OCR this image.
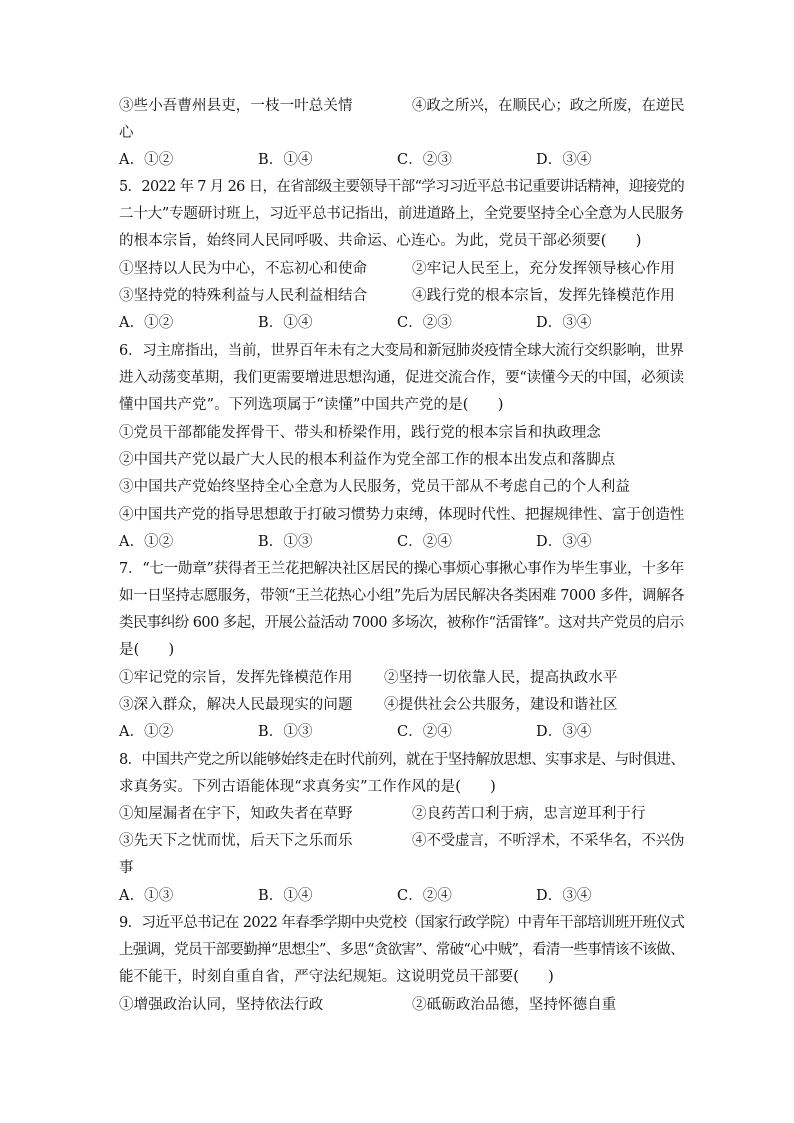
③些小吾曹州县吏，一枝一叶总关情	④政之所兴，在顺民心；政之所废，在逆民
心
A．①②	B．①④	C．②③	D．③④
5．2022 年 7 月 26 日，在省部级主要领导干部“学习习近平总书记重要讲话精神，迎接党的
二十大”专题研讨班上，习近平总书记指出，前进道路上，全党要坚持全心全意为人民服务
的根本宗旨，始终同人民同呼吸、共命运、心连心。为此，党员干部必须要(　　)
①坚持以人民为中心，不忘初心和使命	②牢记人民至上，充分发挥领导核心作用
③坚持党的特殊利益与人民利益相结合	④践行党的根本宗旨，发挥先锋模范作用
A．①②	B．①④	C．②③	D．③④
6．习主席指出，当前，世界百年未有之大变局和新冠肺炎疫情全球大流行交织影响，世界
进入动荡变革期，我们更需要增进思想沟通，促进交流合作，要“读懂今天的中国，必须读
懂中国共产党”。下列选项属于“读懂”中国共产党的是(　　)
①党员干部都能发挥骨干、带头和桥梁作用，践行党的根本宗旨和执政理念
②中国共产党以最广大人民的根本利益作为党全部工作的根本出发点和落脚点
③中国共产党始终坚持全心全意为人民服务，党员干部从不考虑自己的个人利益
④中国共产党的指导思想敢于打破习惯势力束缚，体现时代性、把握规律性、富于创造性
A．①②	B．①③	C．②④	D．③④
7．“七一勋章”获得者王兰花把解决社区居民的操心事烦心事揪心事作为毕生事业，十多年
如一日坚持志愿服务，带领“王兰花热心小组”先后为居民解决各类困难 7000 多件，调解各
类民事纠纷 600 多起，开展公益活动 7000 多场次，被称作“活雷锋”。这对共产党员的启示
是(　　)
①牢记党的宗旨，发挥先锋模范作用 ②坚持一切依靠人民，提高执政水平
③深入群众，解决人民最现实的问题 ④提供社会公共服务，建设和谐社区
A．①②	B．①③	C．②④	D．③④
8．中国共产党之所以能够始终走在时代前列，就在于坚持解放思想、实事求是、与时俱进、
求真务实。下列古语能体现“求真务实”工作作风的是(　　)
①知屋漏者在宇下，知政失者在草野	②良药苦口利于病，忠言逆耳利于行
③先天下之忧而忧，后天下之乐而乐	④不受虚言，不听浮术，不采华名，不兴伪
事
A．①③	B．①④	C．②④	D．③④
9．习近平总书记在 2022 年春季学期中央党校（国家行政学院）中青年干部培训班开班仪式
上强调，党员干部要勤掸“思想尘”、多思“贪欲害”、常破“心中贼”，看清一些事情该不该做、
能不能干，时刻自重自省，严守法纪规矩。这说明党员干部要(　　)
①增强政治认同，坚持依法行政	②砥砺政治品德，坚持怀德自重
